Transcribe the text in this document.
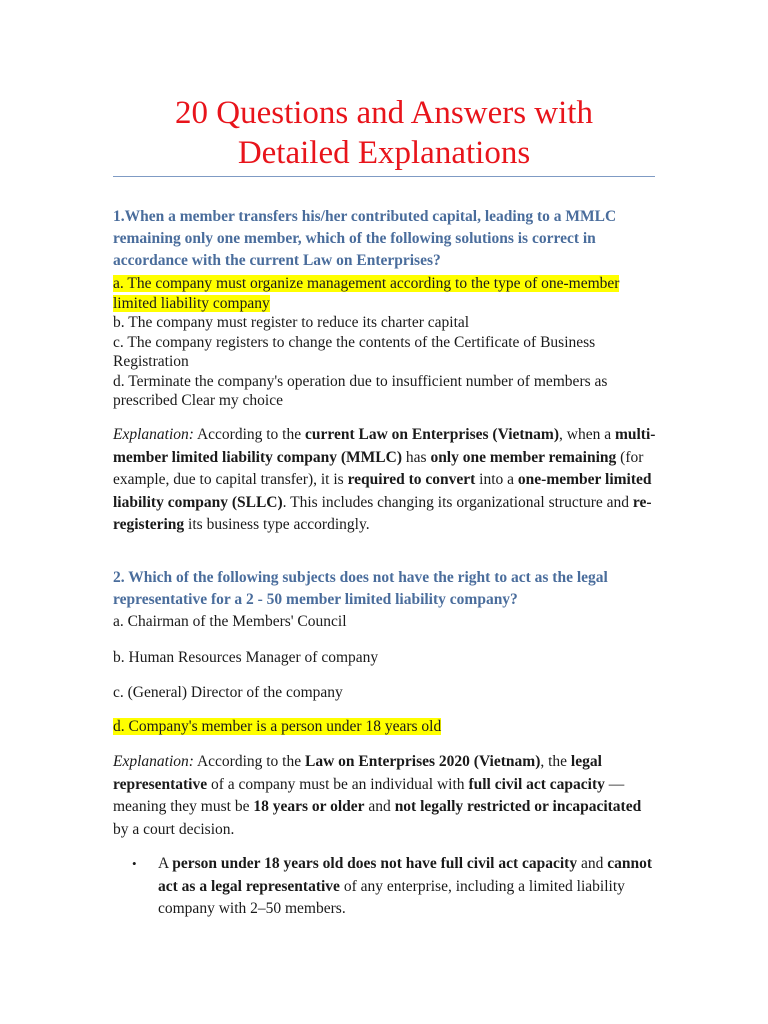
20 Questions and Answers with
Detailed Explanations

1.When a member transfers his/her contributed capital, leading to a MMLC remaining only one member, which of the following solutions is correct in accordance with the current Law on Enterprises?

a. The company must organize management according to the type of one-member limited liability company

b. The company must register to reduce its charter capital

c. The company registers to change the contents of the Certificate of Business Registration

d. Terminate the company's operation due to insufficient number of members as prescribed Clear my choice

Explanation: According to the current Law on Enterprises (Vietnam), when a multi-member limited liability company (MMLC) has only one member remaining (for example, due to capital transfer), it is required to convert into a one-member limited liability company (SLLC). This includes changing its organizational structure and re-registering its business type accordingly.

2. Which of the following subjects does not have the right to act as the legal representative for a 2 - 50 member limited liability company?

a. Chairman of the Members' Council

b. Human Resources Manager of company

c. (General) Director of the company

d. Company's member is a person under 18 years old

Explanation: According to the Law on Enterprises 2020 (Vietnam), the legal representative of a company must be an individual with full civil act capacity — meaning they must be 18 years or older and not legally restricted or incapacitated by a court decision.

• A person under 18 years old does not have full civil act capacity and cannot act as a legal representative of any enterprise, including a limited liability company with 2–50 members.
